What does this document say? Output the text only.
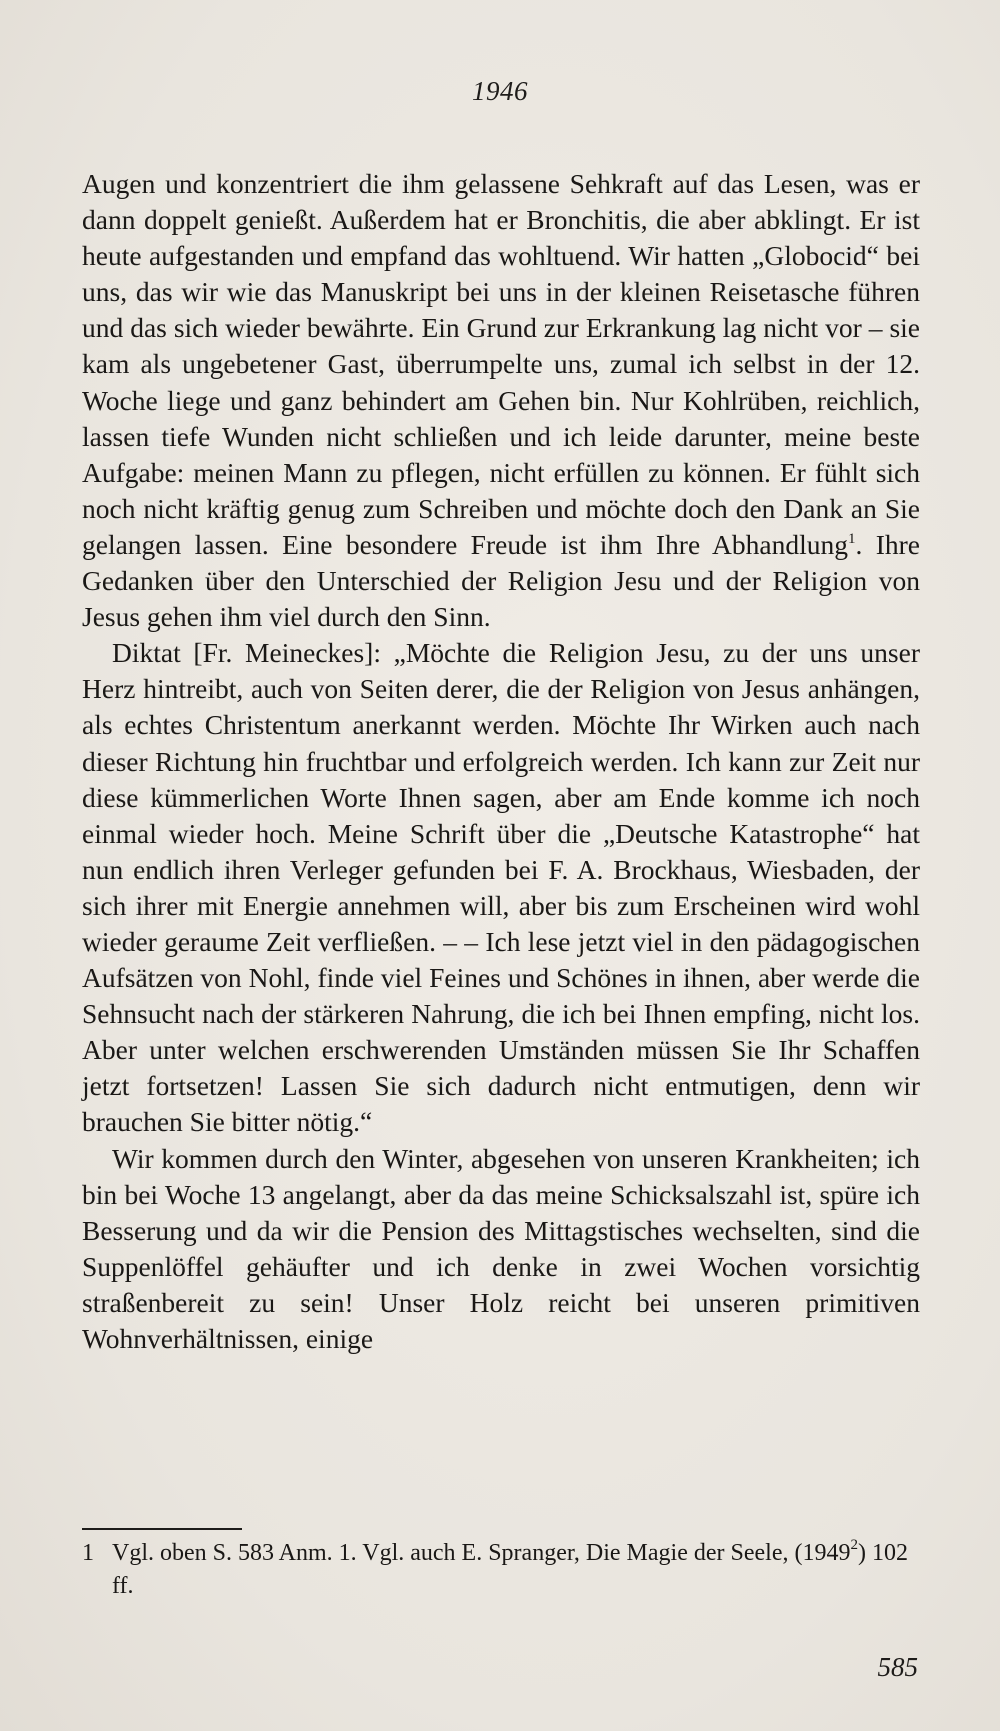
1946

Augen und konzentriert die ihm gelassene Sehkraft auf das Lesen, was er dann doppelt genießt. Außerdem hat er Bronchitis, die aber abklingt. Er ist heute aufgestanden und empfand das wohltuend. Wir hatten „Globocid“ bei uns, das wir wie das Manuskript bei uns in der kleinen Reisetasche führen und das sich wieder bewährte. Ein Grund zur Erkrankung lag nicht vor – sie kam als ungebetener Gast, überrumpelte uns, zumal ich selbst in der 12. Woche liege und ganz behindert am Gehen bin. Nur Kohlrüben, reichlich, lassen tiefe Wunden nicht schließen und ich leide darunter, meine beste Aufgabe: meinen Mann zu pflegen, nicht erfüllen zu können. Er fühlt sich noch nicht kräftig genug zum Schreiben und möchte doch den Dank an Sie gelangen lassen. Eine besondere Freude ist ihm Ihre Abhandlung$^1$. Ihre Gedanken über den Unterschied der Religion Jesu und der Religion von Jesus gehen ihm viel durch den Sinn.

Diktat [Fr. Meineckes]: „Möchte die Religion Jesu, zu der uns unser Herz hintreibt, auch von Seiten derer, die der Religion von Jesus anhängen, als echtes Christentum anerkannt werden. Möchte Ihr Wirken auch nach dieser Richtung hin fruchtbar und erfolgreich werden. Ich kann zur Zeit nur diese kümmerlichen Worte Ihnen sagen, aber am Ende komme ich noch einmal wieder hoch. Meine Schrift über die „Deutsche Katastrophe“ hat nun endlich ihren Verleger gefunden bei F. A. Brockhaus, Wiesbaden, der sich ihrer mit Energie annehmen will, aber bis zum Erscheinen wird wohl wieder geraume Zeit verfließen. – – Ich lese jetzt viel in den pädagogischen Aufsätzen von Nohl, finde viel Feines und Schönes in ihnen, aber werde die Sehnsucht nach der stärkeren Nahrung, die ich bei Ihnen empfing, nicht los. Aber unter welchen erschwerenden Umständen müssen Sie Ihr Schaffen jetzt fortsetzen! Lassen Sie sich dadurch nicht entmutigen, denn wir brauchen Sie bitter nötig.“

Wir kommen durch den Winter, abgesehen von unseren Krankheiten; ich bin bei Woche 13 angelangt, aber da das meine Schicksalszahl ist, spüre ich Besserung und da wir die Pension des Mittagstisches wechselten, sind die Suppenlöffel gehäufter und ich denke in zwei Wochen vorsichtig straßenbereit zu sein! Unser Holz reicht bei unseren primitiven Wohnverhältnissen, einige

1 Vgl. oben S. 583 Anm. 1. Vgl. auch E. Spranger, Die Magie der Seele, (1949$^2$) 102 ff.
585
